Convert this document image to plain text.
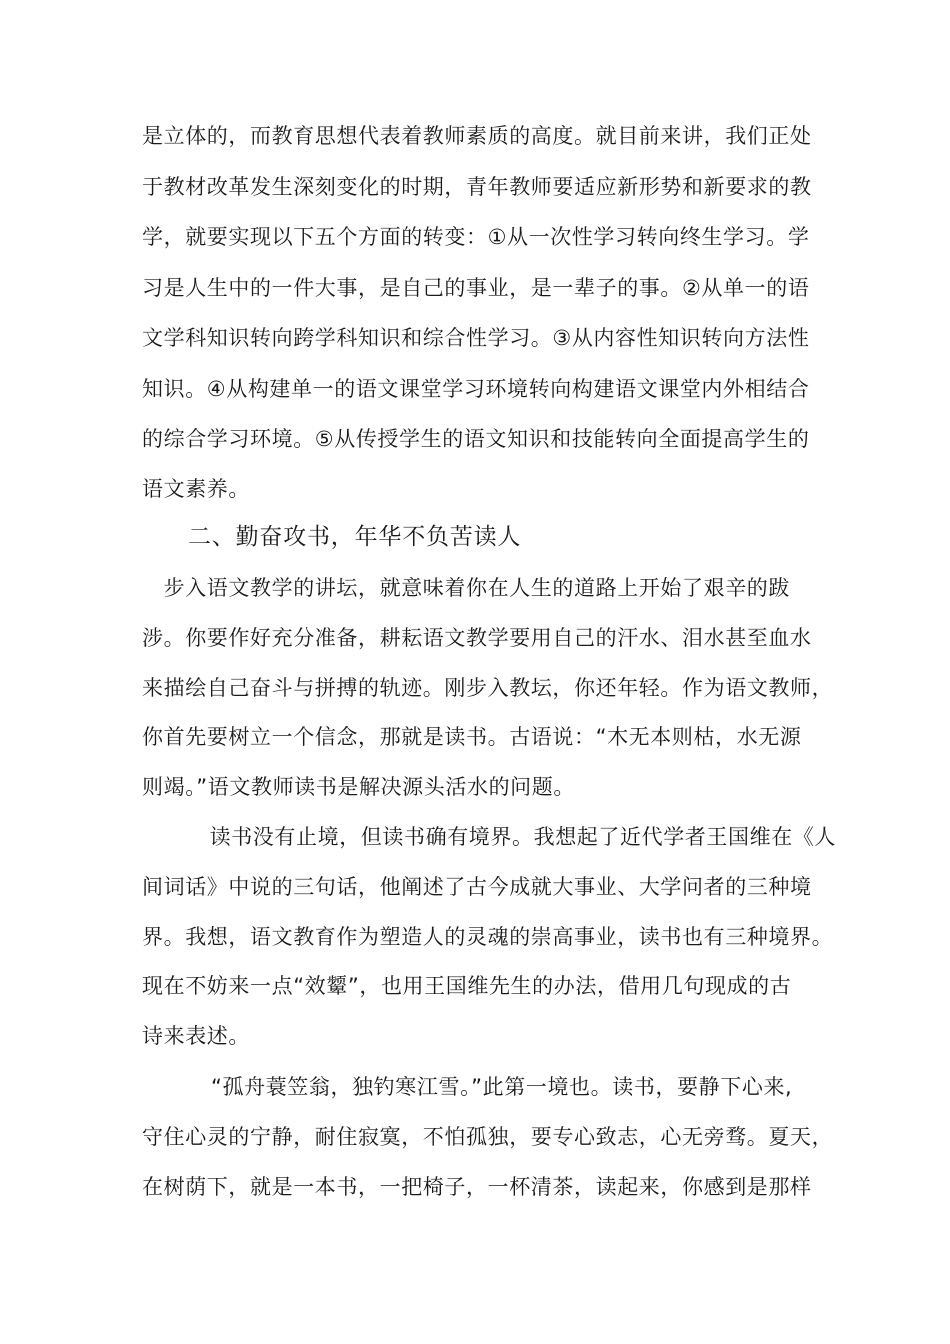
是立体的，而教育思想代表着教师素质的高度。就目前来讲，我们正处
于教材改革发生深刻变化的时期，青年教师要适应新形势和新要求的教
学，就要实现以下五个方面的转变：①从一次性学习转向终生学习。学
习是人生中的一件大事，是自己的事业，是一辈子的事。②从单一的语
文学科知识转向跨学科知识和综合性学习。③从内容性知识转向方法性
知识。④从构建单一的语文课堂学习环境转向构建语文课堂内外相结合
的综合学习环境。⑤从传授学生的语文知识和技能转向全面提高学生的
语文素养。
二、勤奋攻书，年华不负苦读人
　步入语文教学的讲坛，就意味着你在人生的道路上开始了艰辛的跋
涉。你要作好充分准备，耕耘语文教学要用自己的汗水、泪水甚至血水
来描绘自己奋斗与拼搏的轨迹。刚步入教坛，你还年轻。作为语文教师，
你首先要树立一个信念，那就是读书。古语说：“木无本则枯，水无源
则竭。”语文教师读书是解决源头活水的问题。
　读书没有止境，但读书确有境界。我想起了近代学者王国维在《人
间词话》中说的三句话，他阐述了古今成就大事业、大学问者的三种境
界。我想，语文教育作为塑造人的灵魂的崇高事业，读书也有三种境界。
现在不妨来一点“效颦”，也用王国维先生的办法，借用几句现成的古
诗来表述。
“孤舟蓑笠翁，独钓寒江雪。”此第一境也。读书，要静下心来,
守住心灵的宁静，耐住寂寞，不怕孤独，要专心致志，心无旁骛。夏天，
在树荫下，就是一本书，一把椅子，一杯清茶，读起来，你感到是那样
